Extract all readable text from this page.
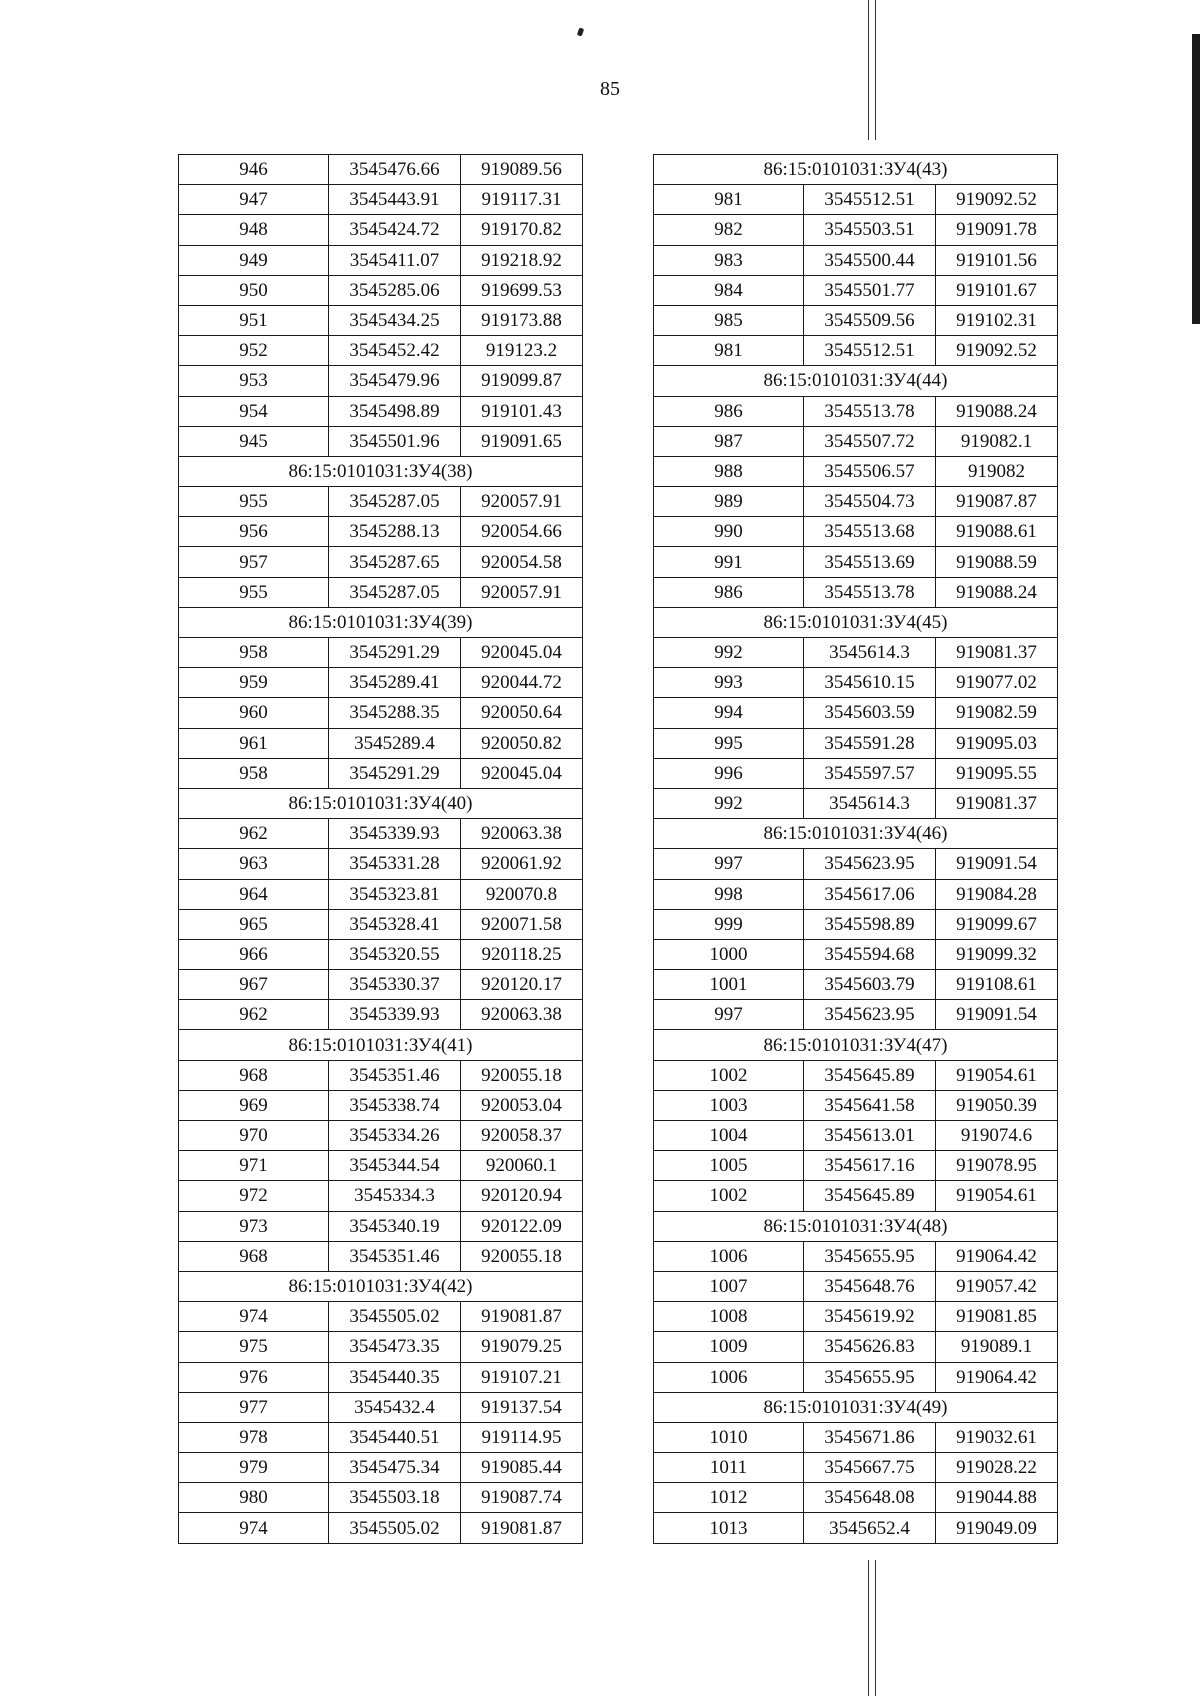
85
946	3545476.66	919089.56
947	3545443.91	919117.31
948	3545424.72	919170.82
949	3545411.07	919218.92
950	3545285.06	919699.53
951	3545434.25	919173.88
952	3545452.42	919123.2
953	3545479.96	919099.87
954	3545498.89	919101.43
945	3545501.96	919091.65
86:15:0101031:ЗУ4(38)		
955	3545287.05	920057.91
956	3545288.13	920054.66
957	3545287.65	920054.58
955	3545287.05	920057.91
86:15:0101031:ЗУ4(39)		
958	3545291.29	920045.04
959	3545289.41	920044.72
960	3545288.35	920050.64
961	3545289.4	920050.82
958	3545291.29	920045.04
86:15:0101031:ЗУ4(40)		
962	3545339.93	920063.38
963	3545331.28	920061.92
964	3545323.81	920070.8
965	3545328.41	920071.58
966	3545320.55	920118.25
967	3545330.37	920120.17
962	3545339.93	920063.38
86:15:0101031:ЗУ4(41)		
968	3545351.46	920055.18
969	3545338.74	920053.04
970	3545334.26	920058.37
971	3545344.54	920060.1
972	3545334.3	920120.94
973	3545340.19	920122.09
968	3545351.46	920055.18
86:15:0101031:ЗУ4(42)		
974	3545505.02	919081.87
975	3545473.35	919079.25
976	3545440.35	919107.21
977	3545432.4	919137.54
978	3545440.51	919114.95
979	3545475.34	919085.44
980	3545503.18	919087.74
974	3545505.02	919081.87
86:15:0101031:ЗУ4(43)		
981	3545512.51	919092.52
982	3545503.51	919091.78
983	3545500.44	919101.56
984	3545501.77	919101.67
985	3545509.56	919102.31
981	3545512.51	919092.52
86:15:0101031:ЗУ4(44)		
986	3545513.78	919088.24
987	3545507.72	919082.1
988	3545506.57	919082
989	3545504.73	919087.87
990	3545513.68	919088.61
991	3545513.69	919088.59
986	3545513.78	919088.24
86:15:0101031:ЗУ4(45)		
992	3545614.3	919081.37
993	3545610.15	919077.02
994	3545603.59	919082.59
995	3545591.28	919095.03
996	3545597.57	919095.55
992	3545614.3	919081.37
86:15:0101031:ЗУ4(46)		
997	3545623.95	919091.54
998	3545617.06	919084.28
999	3545598.89	919099.67
1000	3545594.68	919099.32
1001	3545603.79	919108.61
997	3545623.95	919091.54
86:15:0101031:ЗУ4(47)		
1002	3545645.89	919054.61
1003	3545641.58	919050.39
1004	3545613.01	919074.6
1005	3545617.16	919078.95
1002	3545645.89	919054.61
86:15:0101031:ЗУ4(48)		
1006	3545655.95	919064.42
1007	3545648.76	919057.42
1008	3545619.92	919081.85
1009	3545626.83	919089.1
1006	3545655.95	919064.42
86:15:0101031:ЗУ4(49)		
1010	3545671.86	919032.61
1011	3545667.75	919028.22
1012	3545648.08	919044.88
1013	3545652.4	919049.09
